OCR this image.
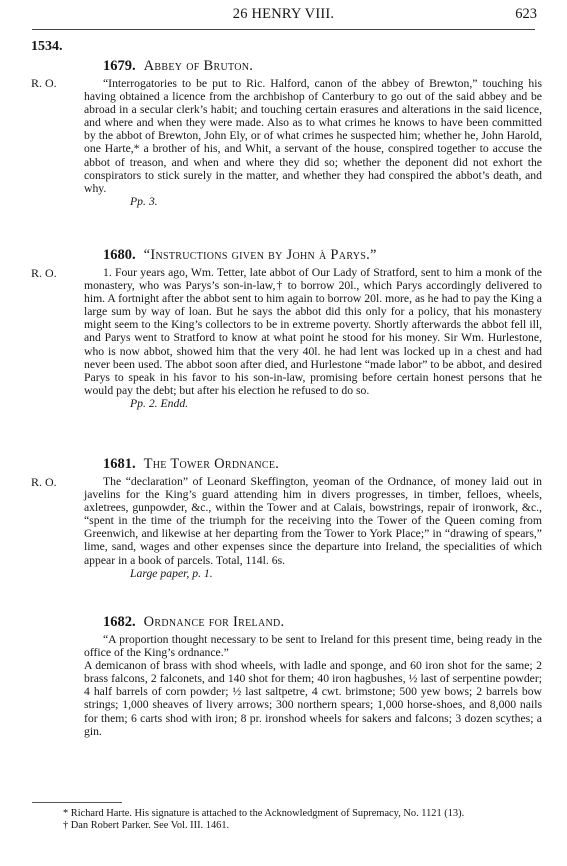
26 HENRY VIII.	623
1534.
R. O.
1679. Abbey of Bruton.

“Interrogatories to be put to Ric. Halford, canon of the abbey of Brewton,” touching his having obtained a licence from the archbishop of Canterbury to go out of the said abbey and be abroad in a secular clerk’s habit; and touching certain erasures and alterations in the said licence, and where and when they were made. Also as to what crimes he knows to have been committed by the abbot of Brewton, John Ely, or of what crimes he suspected him; whether he, John Harold, one Harte,* a brother of his, and Whit, a servant of the house, conspired together to accuse the abbot of treason, and when and where they did so; whether the deponent did not exhort the conspirators to stick surely in the matter, and whether they had conspired the abbot’s death, and why.

Pp. 3.

R. O.
1680. “Instructions given by John à Parys.”

1. Four years ago, Wm. Tetter, late abbot of Our Lady of Stratford, sent to him a monk of the monastery, who was Parys’s son-in-law,† to borrow 20l., which Parys accordingly delivered to him. A fortnight after the abbot sent to him again to borrow 20l. more, as he had to pay the King a large sum by way of loan. But he says the abbot did this only for a policy, that his monastery might seem to the King’s collectors to be in extreme poverty. Shortly afterwards the abbot fell ill, and Parys went to Stratford to know at what point he stood for his money. Sir Wm. Hurlestone, who is now abbot, showed him that the very 40l. he had lent was locked up in a chest and had never been used. The abbot soon after died, and Hurlestone “made labor” to be abbot, and desired Parys to speak in his favor to his son-in-law, promising before certain honest persons that he would pay the debt; but after his election he refused to do so.

Pp. 2. Endd.

R. O.
1681. The Tower Ordnance.

The “declaration” of Leonard Skeffington, yeoman of the Ordnance, of money laid out in javelins for the King’s guard attending him in divers progresses, in timber, felloes, wheels, axletrees, gunpowder, &c., within the Tower and at Calais, bowstrings, repair of ironwork, &c., “spent in the time of the triumph for the receiving into the Tower of the Queen coming from Greenwich, and likewise at her departing from the Tower to York Place;” in “drawing of spears,” lime, sand, wages and other expenses since the departure into Ireland, the specialities of which appear in a book of parcels. Total, 114l. 6s.

Large paper, p. 1.

1682. Ordnance for Ireland.

“A proportion thought necessary to be sent to Ireland for this present time, being ready in the office of the King’s ordnance.”

A demicanon of brass with shod wheels, with ladle and sponge, and 60 iron shot for the same; 2 brass falcons, 2 falconets, and 140 shot for them; 40 iron hagbushes, ½ last of serpentine powder; 4 half barrels of corn powder; ½ last saltpetre, 4 cwt. brimstone; 500 yew bows; 2 barrels bow strings; 1,000 sheaves of livery arrows; 300 northern spears; 1,000 horse-shoes, and 8,000 nails for them; 6 carts shod with iron; 8 pr. ironshod wheels for sakers and falcons; 3 dozen scythes; a gin.

* Richard Harte. His signature is attached to the Acknowledgment of Supremacy, No. 1121 (13).

† Dan Robert Parker. See Vol. III. 1461.
